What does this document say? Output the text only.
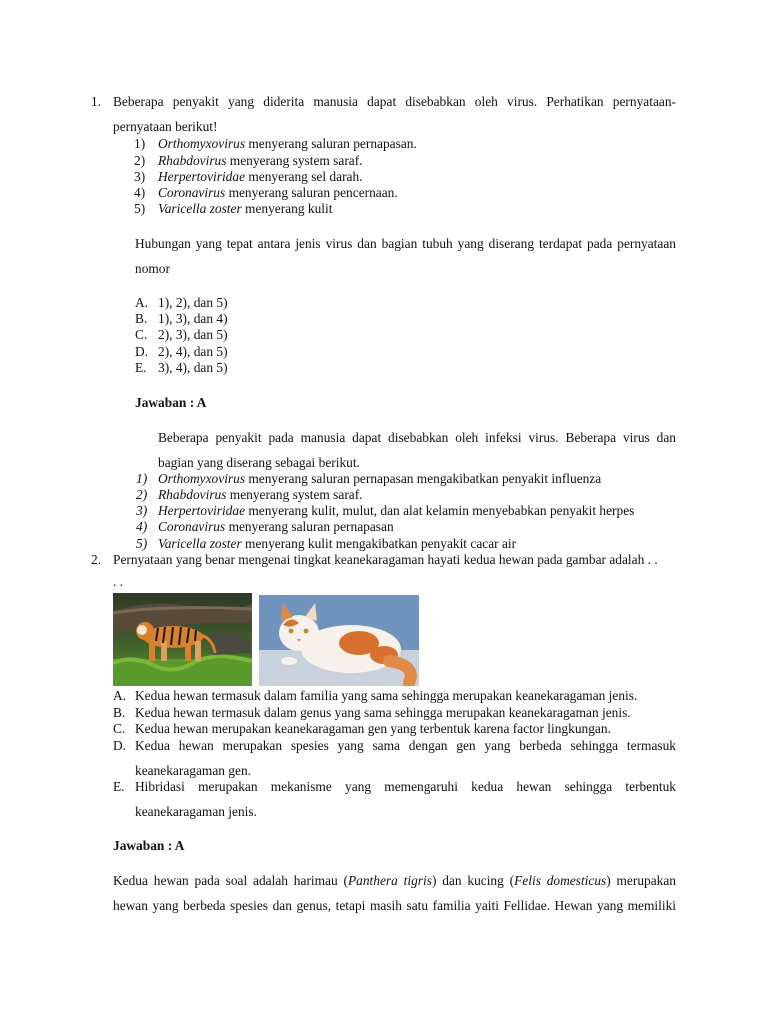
1. Beberapa penyakit yang diderita manusia dapat disebabkan oleh virus. Perhatikan pernyataan-
pernyataan berikut!
1) Orthomyxovirus menyerang saluran pernapasan.
2) Rhabdovirus menyerang system saraf.
3) Herpertoviridae menyerang sel darah.
4) Coronavirus menyerang saluran pencernaan.
5) Varicella zoster menyerang kulit
Hubungan yang tepat antara jenis virus dan bagian tubuh yang diserang terdapat pada pernyataan
nomor
A. 1), 2), dan 5)
B. 1), 3), dan 4)
C. 2), 3), dan 5)
D. 2), 4), dan 5)
E. 3), 4), dan 5)
Jawaban : A
Beberapa penyakit pada manusia dapat disebabkan oleh infeksi virus. Beberapa virus dan
bagian yang diserang sebagai berikut.
1) Orthomyxovirus menyerang saluran pernapasan mengakibatkan penyakit influenza
2) Rhabdovirus menyerang system saraf.
3) Herpertoviridae menyerang kulit, mulut, dan alat kelamin menyebabkan penyakit herpes
4) Coronavirus menyerang saluran pernapasan
5) Varicella zoster menyerang kulit mengakibatkan penyakit cacar air
2. Pernyataan yang benar mengenai tingkat keanekaragaman hayati kedua hewan pada gambar adalah . .
. .
A. Kedua hewan termasuk dalam familia yang sama sehingga merupakan keanekaragaman jenis.
B. Kedua hewan termasuk dalam genus yang sama sehingga merupakan keanekaragaman jenis.
C. Kedua hewan merupakan keanekaragaman gen yang terbentuk karena factor lingkungan.
D. Kedua hewan merupakan spesies yang sama dengan gen yang berbeda sehingga termasuk
keanekaragaman gen.
E. Hibridasi merupakan mekanisme yang memengaruhi kedua hewan sehingga terbentuk
keanekaragaman jenis.
Jawaban : A
Kedua hewan pada soal adalah harimau (Panthera tigris) dan kucing (Felis domesticus) merupakan
hewan yang berbeda spesies dan genus, tetapi masih satu familia yaiti Fellidae. Hewan yang memiliki
